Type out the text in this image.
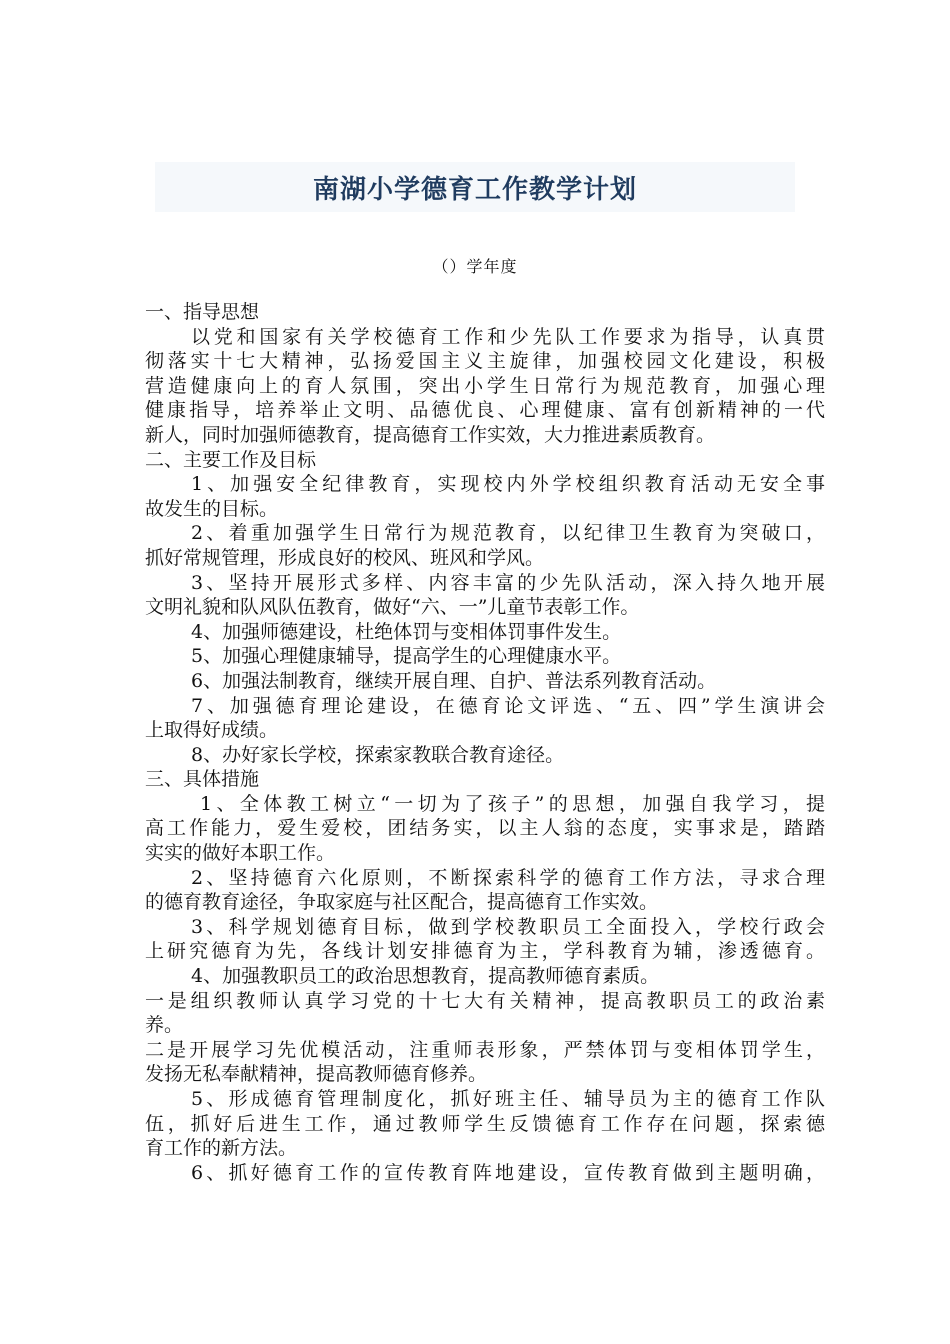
南湖小学德育工作教学计划
（）学年度
一、指导思想
以党和国家有关学校德育工作和少先队工作要求为指导，认真贯
彻落实十七大精神，弘扬爱国主义主旋律，加强校园文化建设，积极
营造健康向上的育人氛围，突出小学生日常行为规范教育，加强心理
健康指导，培养举止文明、品德优良、心理健康、富有创新精神的一代
新人，同时加强师德教育，提高德育工作实效，大力推进素质教育。
二、主要工作及目标
1、加强安全纪律教育，实现校内外学校组织教育活动无安全事
故发生的目标。
2、着重加强学生日常行为规范教育，以纪律卫生教育为突破口，
抓好常规管理，形成良好的校风、班风和学风。
3、坚持开展形式多样、内容丰富的少先队活动，深入持久地开展
文明礼貌和队风队伍教育，做好“六、一”儿童节表彰工作。
4、加强师德建设，杜绝体罚与变相体罚事件发生。
5、加强心理健康辅导，提高学生的心理健康水平。
6、加强法制教育，继续开展自理、自护、普法系列教育活动。
7、加强德育理论建设，在德育论文评选、“五、四”学生演讲会
上取得好成绩。
8、办好家长学校，探索家教联合教育途径。
三、具体措施
1、全体教工树立“一切为了孩子”的思想，加强自我学习，提
高工作能力，爱生爱校，团结务实，以主人翁的态度，实事求是，踏踏
实实的做好本职工作。
2、坚持德育六化原则，不断探索科学的德育工作方法，寻求合理
的德育教育途径，争取家庭与社区配合，提高德育工作实效。
3、科学规划德育目标，做到学校教职员工全面投入，学校行政会
上研究德育为先，各线计划安排德育为主，学科教育为辅，渗透德育。
4、加强教职员工的政治思想教育，提高教师德育素质。
一是组织教师认真学习党的十七大有关精神，提高教职员工的政治素
养。
二是开展学习先优模活动，注重师表形象，严禁体罚与变相体罚学生，
发扬无私奉献精神，提高教师德育修养。
5、形成德育管理制度化，抓好班主任、辅导员为主的德育工作队
伍，抓好后进生工作，通过教师学生反馈德育工作存在问题，探索德
育工作的新方法。
6、抓好德育工作的宣传教育阵地建设，宣传教育做到主题明确，
